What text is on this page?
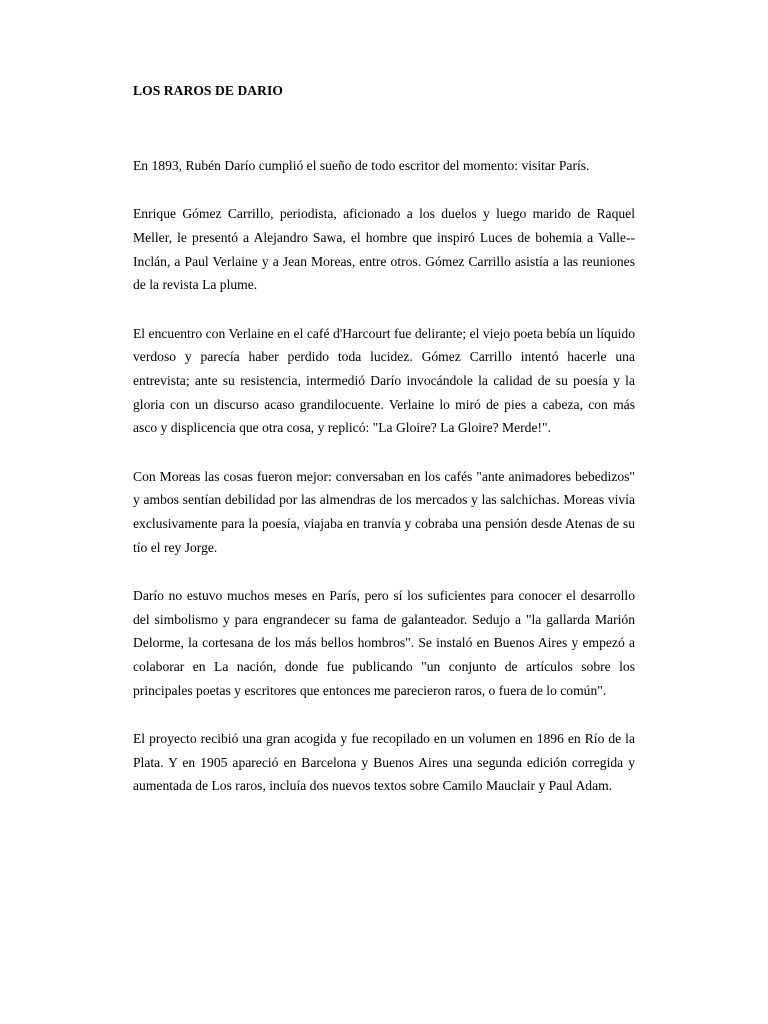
LOS RAROS DE DARIO

En 1893, Rubén Darío cumplió el sueño de todo escritor del momento: visitar París.

Enrique Gómez Carrillo, periodista, aficionado a los duelos y luego marido de Raquel Meller, le presentó a Alejandro Sawa, el hombre que inspiró Luces de bohemia a Valle--Inclán, a Paul Verlaine y a Jean Moreas, entre otros. Gómez Carrillo asistía a las reuniones de la revista La plume.

El encuentro con Verlaine en el café d'Harcourt fue delirante; el viejo poeta bebía un líquido verdoso y parecía haber perdido toda lucidez. Gómez Carrillo intentó hacerle una entrevista; ante su resistencia, intermedió Darío invocándole la calidad de su poesía y la gloria con un discurso acaso grandilocuente. Verlaine lo miró de pies a cabeza, con más asco y displicencia que otra cosa, y replicó: "La Gloire? La Gloire? Merde!".

Con Moreas las cosas fueron mejor: conversaban en los cafés "ante animadores bebedizos" y ambos sentían debilidad por las almendras de los mercados y las salchichas. Moreas vivía exclusivamente para la poesía, viajaba en tranvía y cobraba una pensión desde Atenas de su tío el rey Jorge.

Darío no estuvo muchos meses en París, pero sí los suficientes para conocer el desarrollo del simbolismo y para engrandecer su fama de galanteador. Sedujo a "la gallarda Marión Delorme, la cortesana de los más bellos hombros". Se instaló en Buenos Aires y empezó a colaborar en La nación, donde fue publicando "un conjunto de artículos sobre los principales poetas y escritores que entonces me parecieron raros, o fuera de lo común".

El proyecto recibió una gran acogida y fue recopilado en un volumen en 1896 en Río de la Plata. Y en 1905 apareció en Barcelona y Buenos Aires una segunda edición corregida y aumentada de Los raros, incluía dos nuevos textos sobre Camilo Mauclair y Paul Adam.
